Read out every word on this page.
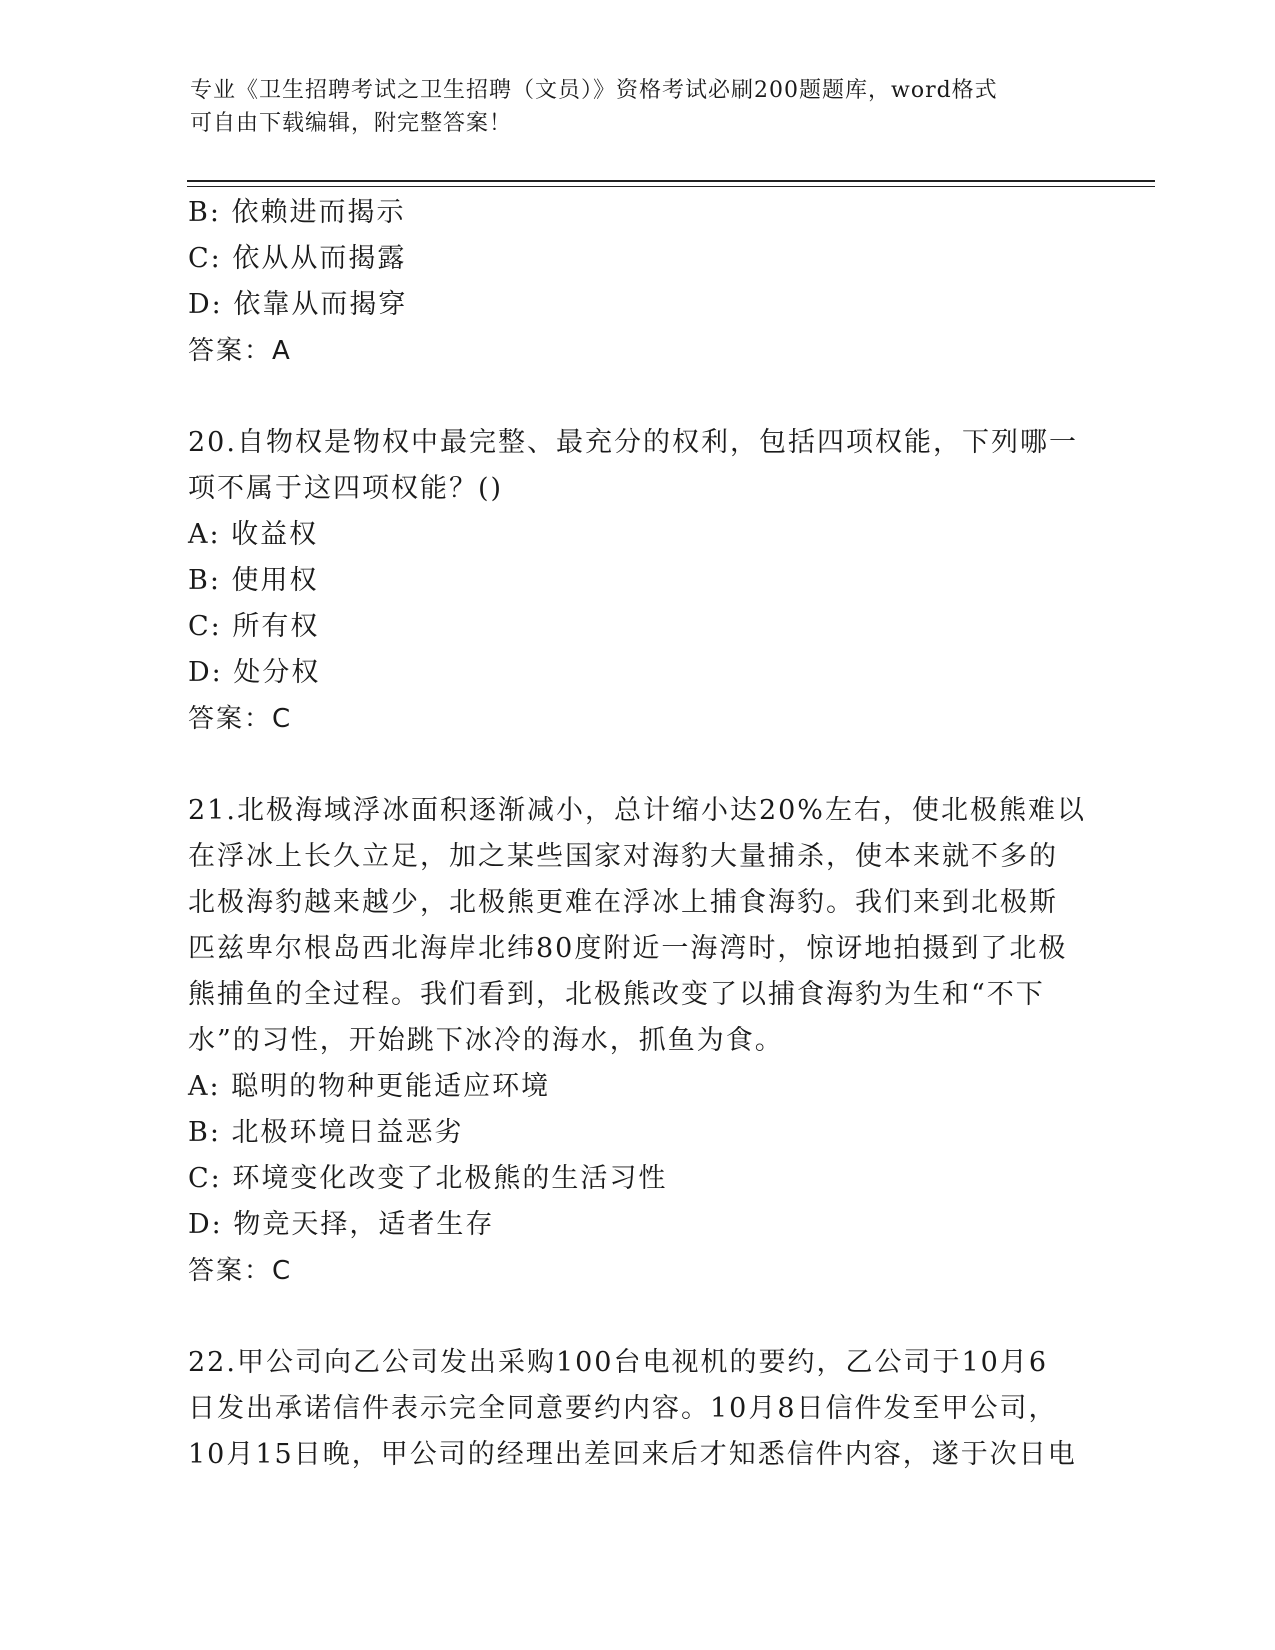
专业《卫生招聘考试之卫生招聘（文员）》资格考试必刷200题题库，word格式
可自由下载编辑，附完整答案！
B: 依赖进而揭示
C: 依从从而揭露
D: 依靠从而揭穿
答案：A
20.自物权是物权中最完整、最充分的权利，包括四项权能，下列哪一
项不属于这四项权能？()
A: 收益权
B: 使用权
C: 所有权
D: 处分权
答案：C
21.北极海域浮冰面积逐渐减小，总计缩小达20%左右，使北极熊难以
在浮冰上长久立足，加之某些国家对海豹大量捕杀，使本来就不多的
北极海豹越来越少，北极熊更难在浮冰上捕食海豹。我们来到北极斯
匹兹卑尔根岛西北海岸北纬80度附近一海湾时，惊讶地拍摄到了北极
熊捕鱼的全过程。我们看到，北极熊改变了以捕食海豹为生和“不下
水”的习性，开始跳下冰冷的海水，抓鱼为食。
A: 聪明的物种更能适应环境
B: 北极环境日益恶劣
C: 环境变化改变了北极熊的生活习性
D: 物竞天择，适者生存
答案：C
22.甲公司向乙公司发出采购100台电视机的要约，乙公司于10月6
日发出承诺信件表示完全同意要约内容。10月8日信件发至甲公司，
10月15日晚，甲公司的经理出差回来后才知悉信件内容，遂于次日电
